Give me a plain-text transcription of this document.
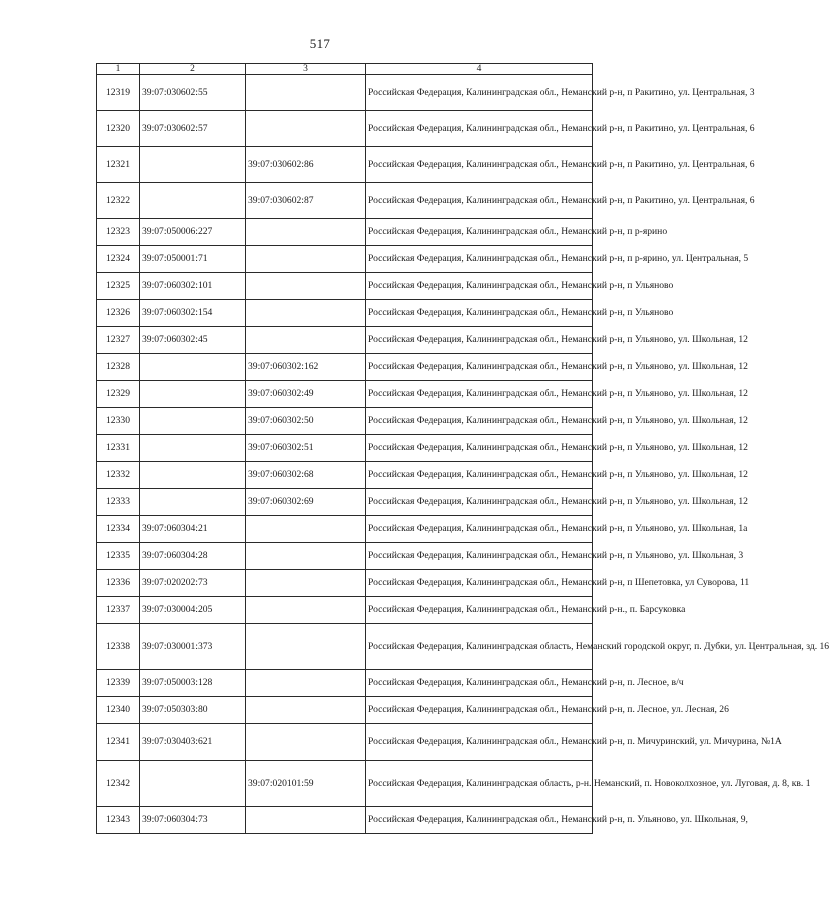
517
1	2	3	4
12319	39:07:030602:55		Российская Федерация, Калининградская обл., Неманский р-н, п Ракитино, ул. Центральная, 3
12320	39:07:030602:57		Российская Федерация, Калининградская обл., Неманский р-н, п Ракитино, ул. Центральная, 6
12321		39:07:030602:86	Российская Федерация, Калининградская обл., Неманский р-н, п Ракитино, ул. Центральная, 6
12322		39:07:030602:87	Российская Федерация, Калининградская обл., Неманский р-н, п Ракитино, ул. Центральная, 6
12323	39:07:050006:227		Российская Федерация, Калининградская обл., Неманский р-н, п р-ярино
12324	39:07:050001:71		Российская Федерация, Калининградская обл., Неманский р-н, п р-ярино, ул. Центральная, 5
12325	39:07:060302:101		Российская Федерация, Калининградская обл., Неманский р-н, п Ульяново
12326	39:07:060302:154		Российская Федерация, Калининградская обл., Неманский р-н, п Ульяново
12327	39:07:060302:45		Российская Федерация, Калининградская обл., Неманский р-н, п Ульяново, ул. Школьная, 12
12328		39:07:060302:162	Российская Федерация, Калининградская обл., Неманский р-н, п Ульяново, ул. Школьная, 12
12329		39:07:060302:49	Российская Федерация, Калининградская обл., Неманский р-н, п Ульяново, ул. Школьная, 12
12330		39:07:060302:50	Российская Федерация, Калининградская обл., Неманский р-н, п Ульяново, ул. Школьная, 12
12331		39:07:060302:51	Российская Федерация, Калининградская обл., Неманский р-н, п Ульяново, ул. Школьная, 12
12332		39:07:060302:68	Российская Федерация, Калининградская обл., Неманский р-н, п Ульяново, ул. Школьная, 12
12333		39:07:060302:69	Российская Федерация, Калининградская обл., Неманский р-н, п Ульяново, ул. Школьная, 12
12334	39:07:060304:21		Российская Федерация, Калининградская обл., Неманский р-н, п Ульяново, ул. Школьная, 1а
12335	39:07:060304:28		Российская Федерация, Калининградская обл., Неманский р-н, п Ульяново, ул. Школьная, 3
12336	39:07:020202:73		Российская Федерация, Калининградская обл., Неманский р-н, п Шепетовка, ул Суворова, 11
12337	39:07:030004:205		Российская Федерация, Калининградская обл., Неманский р-н., п. Барсуковка
12338	39:07:030001:373		Российская Федерация, Калининградская область, Неманский городской округ, п. Дубки, ул. Центральная, зд. 16
12339	39:07:050003:128		Российская Федерация, Калининградская обл., Неманский р-н, п. Лесное, в/ч
12340	39:07:050303:80		Российская Федерация, Калининградская обл., Неманский р-н, п. Лесное, ул. Лесная, 26
12341	39:07:030403:621		Российская Федерация, Калининградская обл., Неманский р-н, п. Мичуринский, ул. Мичурина, №1А
12342		39:07:020101:59	Российская Федерация, Калининградская область, р-н. Неманский, п. Новоколхозное, ул. Луговая, д. 8, кв. 1
12343	39:07:060304:73		Российская Федерация, Калининградская обл., Неманский р-н, п. Ульяново, ул. Школьная, 9,
